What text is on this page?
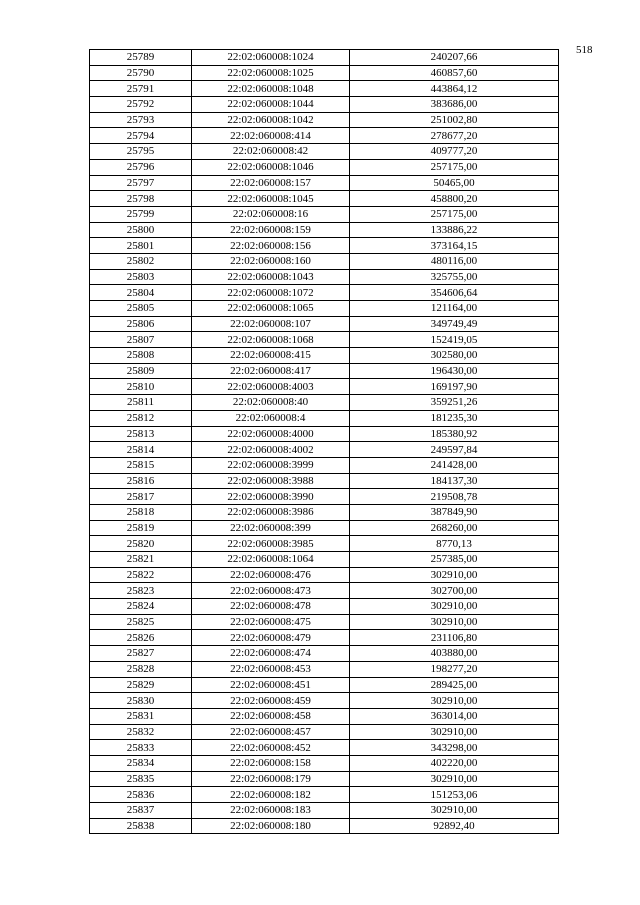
518
25789	22:02:060008:1024	240207,66
25790	22:02:060008:1025	460857,60
25791	22:02:060008:1048	443864,12
25792	22:02:060008:1044	383686,00
25793	22:02:060008:1042	251002,80
25794	22:02:060008:414	278677,20
25795	22:02:060008:42	409777,20
25796	22:02:060008:1046	257175,00
25797	22:02:060008:157	50465,00
25798	22:02:060008:1045	458800,20
25799	22:02:060008:16	257175,00
25800	22:02:060008:159	133886,22
25801	22:02:060008:156	373164,15
25802	22:02:060008:160	480116,00
25803	22:02:060008:1043	325755,00
25804	22:02:060008:1072	354606,64
25805	22:02:060008:1065	121164,00
25806	22:02:060008:107	349749,49
25807	22:02:060008:1068	152419,05
25808	22:02:060008:415	302580,00
25809	22:02:060008:417	196430,00
25810	22:02:060008:4003	169197,90
25811	22:02:060008:40	359251,26
25812	22:02:060008:4	181235,30
25813	22:02:060008:4000	185380,92
25814	22:02:060008:4002	249597,84
25815	22:02:060008:3999	241428,00
25816	22:02:060008:3988	184137,30
25817	22:02:060008:3990	219508,78
25818	22:02:060008:3986	387849,90
25819	22:02:060008:399	268260,00
25820	22:02:060008:3985	8770,13
25821	22:02:060008:1064	257385,00
25822	22:02:060008:476	302910,00
25823	22:02:060008:473	302700,00
25824	22:02:060008:478	302910,00
25825	22:02:060008:475	302910,00
25826	22:02:060008:479	231106,80
25827	22:02:060008:474	403880,00
25828	22:02:060008:453	198277,20
25829	22:02:060008:451	289425,00
25830	22:02:060008:459	302910,00
25831	22:02:060008:458	363014,00
25832	22:02:060008:457	302910,00
25833	22:02:060008:452	343298,00
25834	22:02:060008:158	402220,00
25835	22:02:060008:179	302910,00
25836	22:02:060008:182	151253,06
25837	22:02:060008:183	302910,00
25838	22:02:060008:180	92892,40
